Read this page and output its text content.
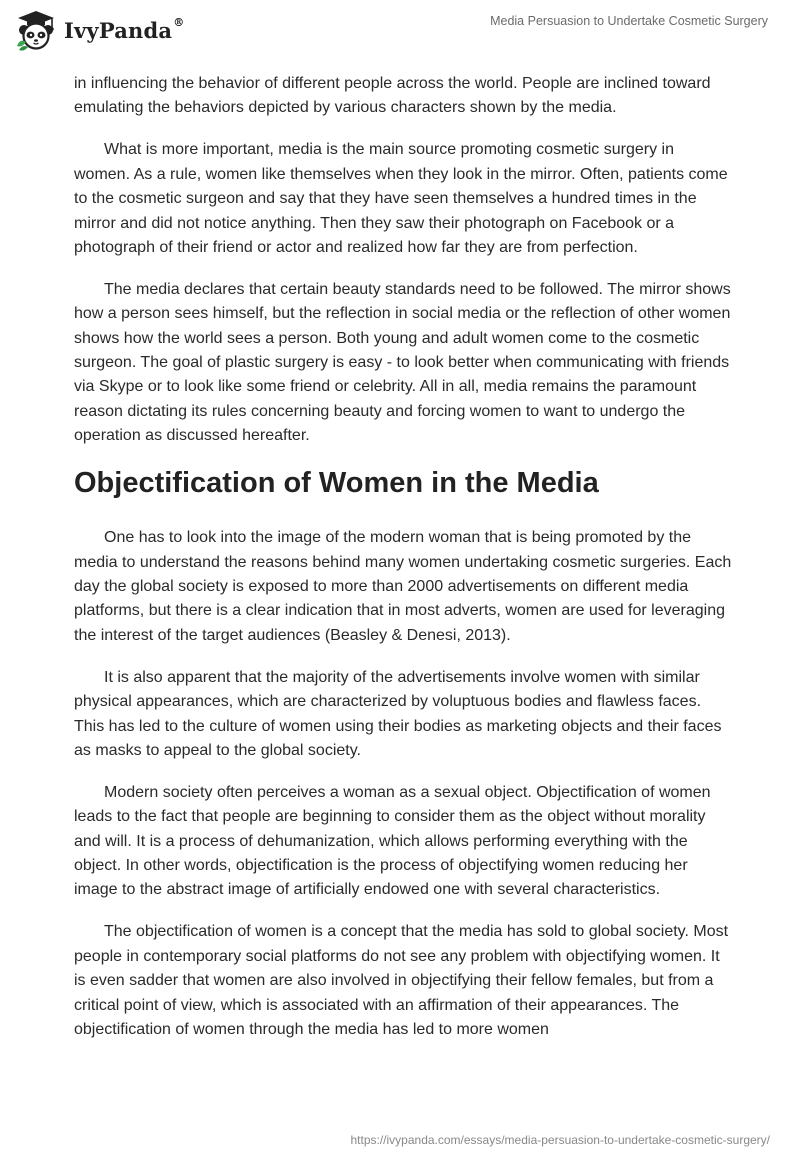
IvyPanda®	Media Persuasion to Undertake Cosmetic Surgery

in influencing the behavior of different people across the world. People are inclined toward emulating the behaviors depicted by various characters shown by the media.

What is more important, media is the main source promoting cosmetic surgery in women. As a rule, women like themselves when they look in the mirror. Often, patients come to the cosmetic surgeon and say that they have seen themselves a hundred times in the mirror and did not notice anything. Then they saw their photograph on Facebook or a photograph of their friend or actor and realized how far they are from perfection.

The media declares that certain beauty standards need to be followed. The mirror shows how a person sees himself, but the reflection in social media or the reflection of other women shows how the world sees a person. Both young and adult women come to the cosmetic surgeon. The goal of plastic surgery is easy - to look better when communicating with friends via Skype or to look like some friend or celebrity. All in all, media remains the paramount reason dictating its rules concerning beauty and forcing women to want to undergo the operation as discussed hereafter.

Objectification of Women in the Media

One has to look into the image of the modern woman that is being promoted by the media to understand the reasons behind many women undertaking cosmetic surgeries. Each day the global society is exposed to more than 2000 advertisements on different media platforms, but there is a clear indication that in most adverts, women are used for leveraging the interest of the target audiences (Beasley & Denesi, 2013).

It is also apparent that the majority of the advertisements involve women with similar physical appearances, which are characterized by voluptuous bodies and flawless faces. This has led to the culture of women using their bodies as marketing objects and their faces as masks to appeal to the global society.

Modern society often perceives a woman as a sexual object. Objectification of women leads to the fact that people are beginning to consider them as the object without morality and will. It is a process of dehumanization, which allows performing everything with the object. In other words, objectification is the process of objectifying women reducing her image to the abstract image of artificially endowed one with several characteristics.

The objectification of women is a concept that the media has sold to global society. Most people in contemporary social platforms do not see any problem with objectifying women. It is even sadder that women are also involved in objectifying their fellow females, but from a critical point of view, which is associated with an affirmation of their appearances. The objectification of women through the media has led to more women

https://ivypanda.com/essays/media-persuasion-to-undertake-cosmetic-surgery/
